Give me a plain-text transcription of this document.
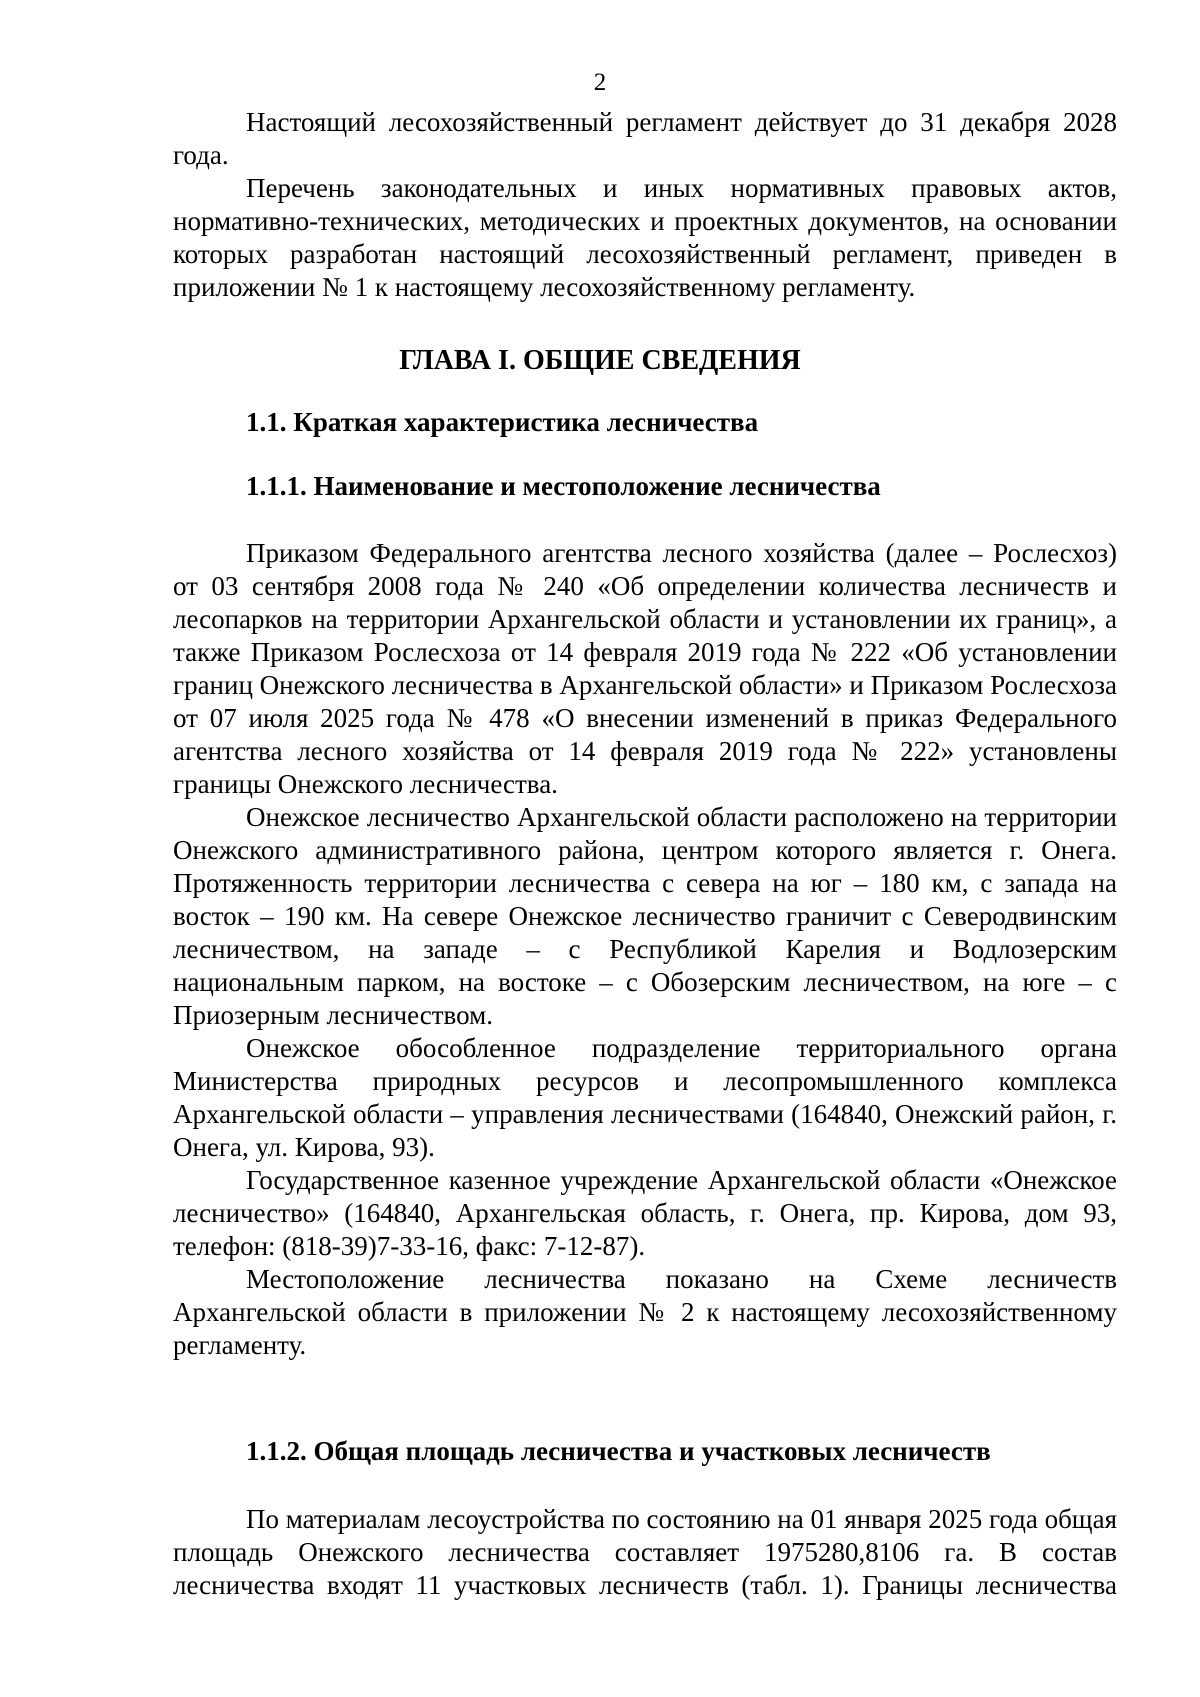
2

Настоящий лесохозяйственный регламент действует до 31 декабря 2028 года.

Перечень законодательных и иных нормативных правовых актов, нормативно-технических, методических и проектных документов, на основании которых разработан настоящий лесохозяйственный регламент, приведен в приложении № 1 к настоящему лесохозяйственному регламенту.

ГЛАВА I. ОБЩИЕ СВЕДЕНИЯ
1.1. Краткая характеристика лесничества
1.1.1. Наименование и местоположение лесничества

Приказом Федерального агентства лесного хозяйства (далее – Рослесхоз) от 03 сентября 2008 года № 240 «Об определении количества лесничеств и лесопарков на территории Архангельской области и установлении их границ», а также Приказом Рослесхоза от 14 февраля 2019 года № 222 «Об установлении границ Онежского лесничества в Архангельской области» и Приказом Рослесхоза от 07 июля 2025 года № 478 «О внесении изменений в приказ Федерального агентства лесного хозяйства от 14 февраля 2019 года № 222» установлены границы Онежского лесничества.

Онежское лесничество Архангельской области расположено на территории Онежского административного района, центром которого является г. Онега. Протяженность территории лесничества с севера на юг – 180 км, с запада на восток – 190 км. На севере Онежское лесничество граничит с Северодвинским лесничеством, на западе – с Республикой Карелия и Водлозерским национальным парком, на востоке – с Обозерским лесничеством, на юге – с Приозерным лесничеством.

Онежское обособленное подразделение территориального органа Министерства природных ресурсов и лесопромышленного комплекса Архангельской области – управления лесничествами (164840, Онежский район, г. Онега, ул. Кирова, 93).

Государственное казенное учреждение Архангельской области «Онежское лесничество» (164840, Архангельская область, г. Онега, пр. Кирова, дом 93, телефон: (818-39)7-33-16, факс: 7-12-87).

Местоположение лесничества показано на Схеме лесничеств Архангельской области в приложении № 2 к настоящему лесохозяйственному регламенту.

1.1.2. Общая площадь лесничества и участковых лесничеств

По материалам лесоустройства по состоянию на 01 января 2025 года общая площадь Онежского лесничества составляет 1975280,8106 га. В состав лесничества входят 11 участковых лесничеств (табл. 1). Границы лесничества
